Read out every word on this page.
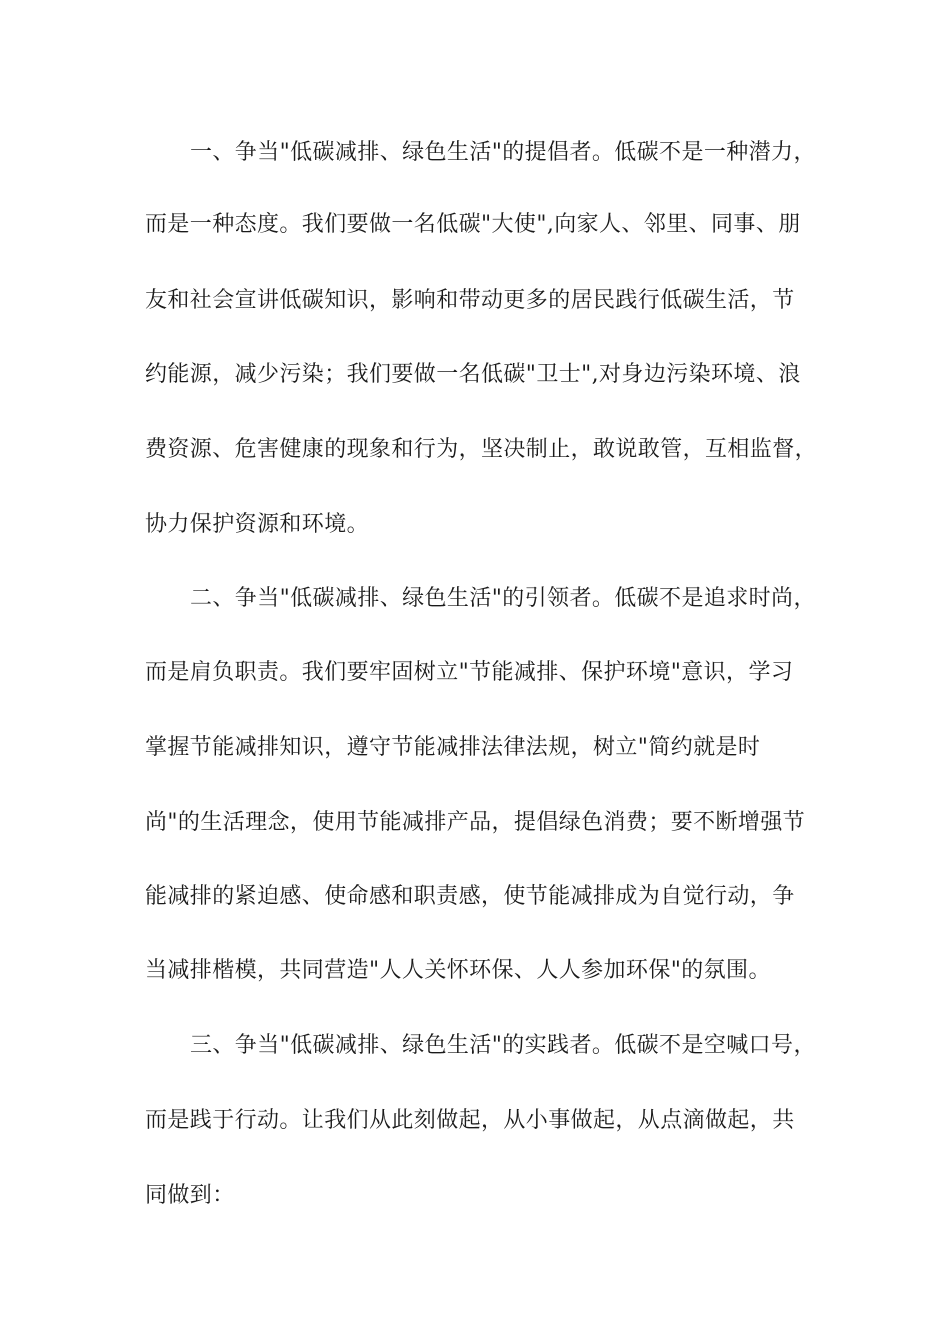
一、争当"低碳减排、绿色生活"的提倡者。低碳不是一种潜力，
而是一种态度。我们要做一名低碳"大使",向家人、邻里、同事、朋
友和社会宣讲低碳知识，影响和带动更多的居民践行低碳生活，节
约能源，减少污染；我们要做一名低碳"卫士",对身边污染环境、浪
费资源、危害健康的现象和行为，坚决制止，敢说敢管，互相监督，
协力保护资源和环境。
二、争当"低碳减排、绿色生活"的引领者。低碳不是追求时尚，
而是肩负职责。我们要牢固树立"节能减排、保护环境"意识，学习
掌握节能减排知识，遵守节能减排法律法规，树立"简约就是时
尚"的生活理念，使用节能减排产品，提倡绿色消费；要不断增强节
能减排的紧迫感、使命感和职责感，使节能减排成为自觉行动，争
当减排楷模，共同营造"人人关怀环保、人人参加环保"的氛围。
三、争当"低碳减排、绿色生活"的实践者。低碳不是空喊口号，
而是践于行动。让我们从此刻做起，从小事做起，从点滴做起，共
同做到：
